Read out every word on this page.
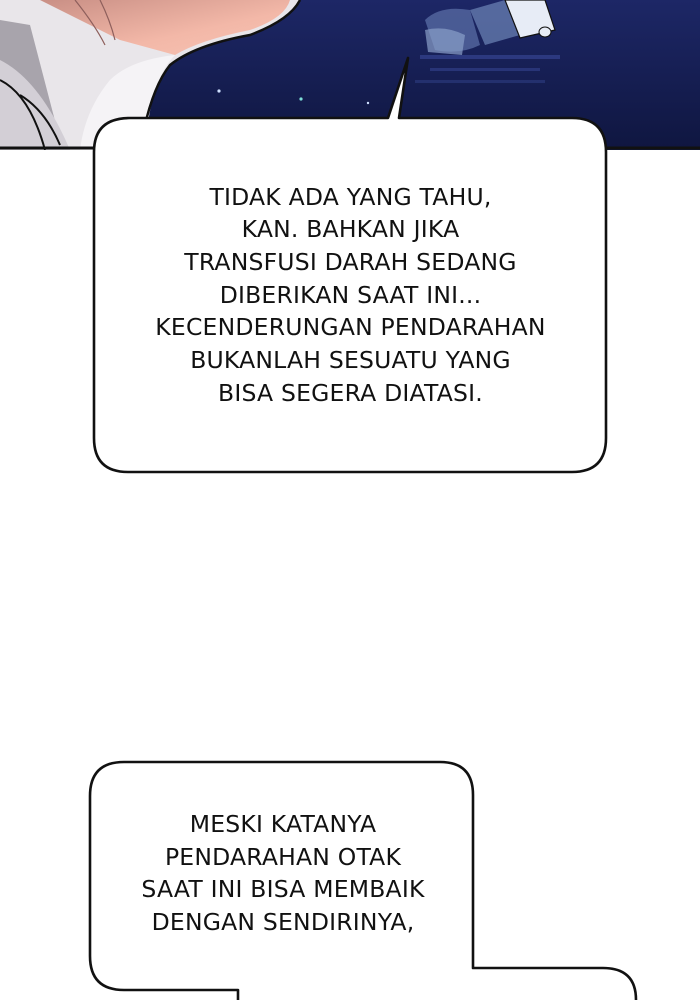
TIDAK ADA YANG TAHU,
KAN. BAHKAN JIKA
TRANSFUSI DARAH SEDANG
DIBERIKAN SAAT INI...
KECENDERUNGAN PENDARAHAN
BUKANLAH SESUATU YANG
BISA SEGERA DIATASI.

MESKI KATANYA
PENDARAHAN OTAK
SAAT INI BISA MEMBAIK
DENGAN SENDIRINYA,
